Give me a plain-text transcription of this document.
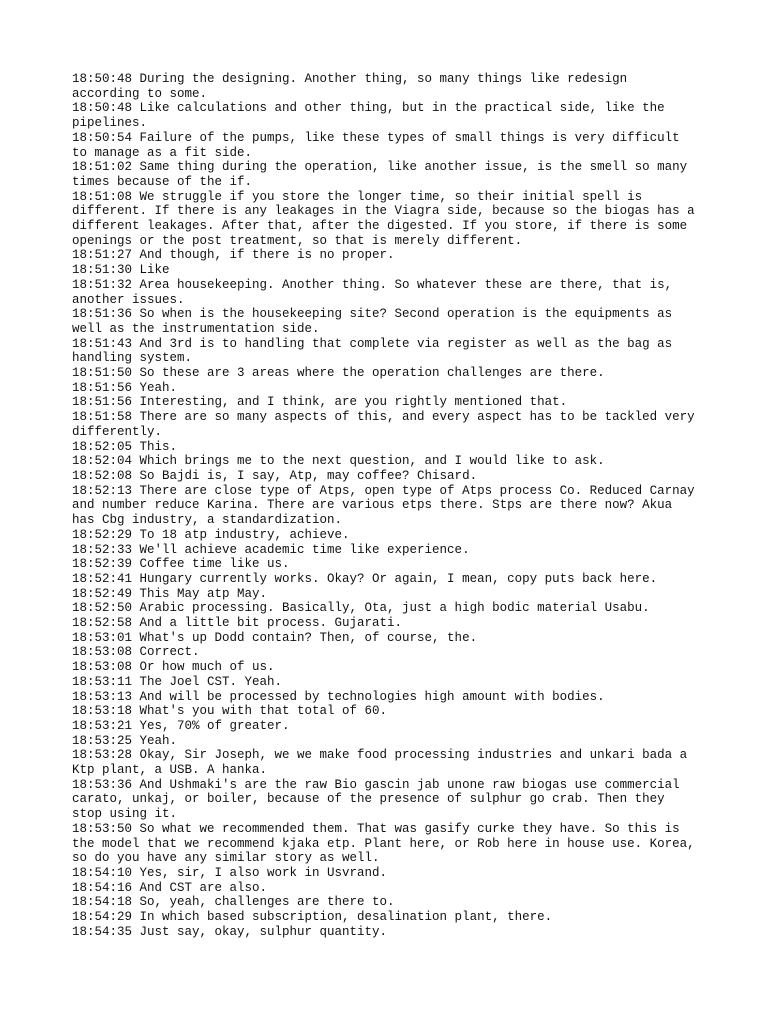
18:50:48 During the designing. Another thing, so many things like redesign

according to some.

18:50:48 Like calculations and other thing, but in the practical side, like the

pipelines.

18:50:54 Failure of the pumps, like these types of small things is very difficult

to manage as a fit side.

18:51:02 Same thing during the operation, like another issue, is the smell so many

times because of the if.

18:51:08 We struggle if you store the longer time, so their initial spell is

different. If there is any leakages in the Viagra side, because so the biogas has a

different leakages. After that, after the digested. If you store, if there is some

openings or the post treatment, so that is merely different.

18:51:27 And though, if there is no proper.

18:51:30 Like

18:51:32 Area housekeeping. Another thing. So whatever these are there, that is,

another issues.

18:51:36 So when is the housekeeping site? Second operation is the equipments as

well as the instrumentation side.

18:51:43 And 3rd is to handling that complete via register as well as the bag as

handling system.

18:51:50 So these are 3 areas where the operation challenges are there.

18:51:56 Yeah.

18:51:56 Interesting, and I think, are you rightly mentioned that.

18:51:58 There are so many aspects of this, and every aspect has to be tackled very

differently.

18:52:05 This.

18:52:04 Which brings me to the next question, and I would like to ask.

18:52:08 So Bajdi is, I say, Atp, may coffee? Chisard.

18:52:13 There are close type of Atps, open type of Atps process Co. Reduced Carnay

and number reduce Karina. There are various etps there. Stps are there now? Akua

has Cbg industry, a standardization.

18:52:29 To 18 atp industry, achieve.

18:52:33 We'll achieve academic time like experience.

18:52:39 Coffee time like us.

18:52:41 Hungary currently works. Okay? Or again, I mean, copy puts back here.

18:52:49 This May atp May.

18:52:50 Arabic processing. Basically, Ota, just a high bodic material Usabu.

18:52:58 And a little bit process. Gujarati.

18:53:01 What's up Dodd contain? Then, of course, the.

18:53:08 Correct.

18:53:08 Or how much of us.

18:53:11 The Joel CST. Yeah.

18:53:13 And will be processed by technologies high amount with bodies.

18:53:18 What's you with that total of 60.

18:53:21 Yes, 70% of greater.

18:53:25 Yeah.

18:53:28 Okay, Sir Joseph, we we make food processing industries and unkari bada a

Ktp plant, a USB. A hanka.

18:53:36 And Ushmaki's are the raw Bio gascin jab unone raw biogas use commercial

carato, unkaj, or boiler, because of the presence of sulphur go crab. Then they

stop using it.

18:53:50 So what we recommended them. That was gasify curke they have. So this is

the model that we recommend kjaka etp. Plant here, or Rob here in house use. Korea,

so do you have any similar story as well.

18:54:10 Yes, sir, I also work in Usvrand.

18:54:16 And CST are also.

18:54:18 So, yeah, challenges are there to.

18:54:29 In which based subscription, desalination plant, there.

18:54:35 Just say, okay, sulphur quantity.
